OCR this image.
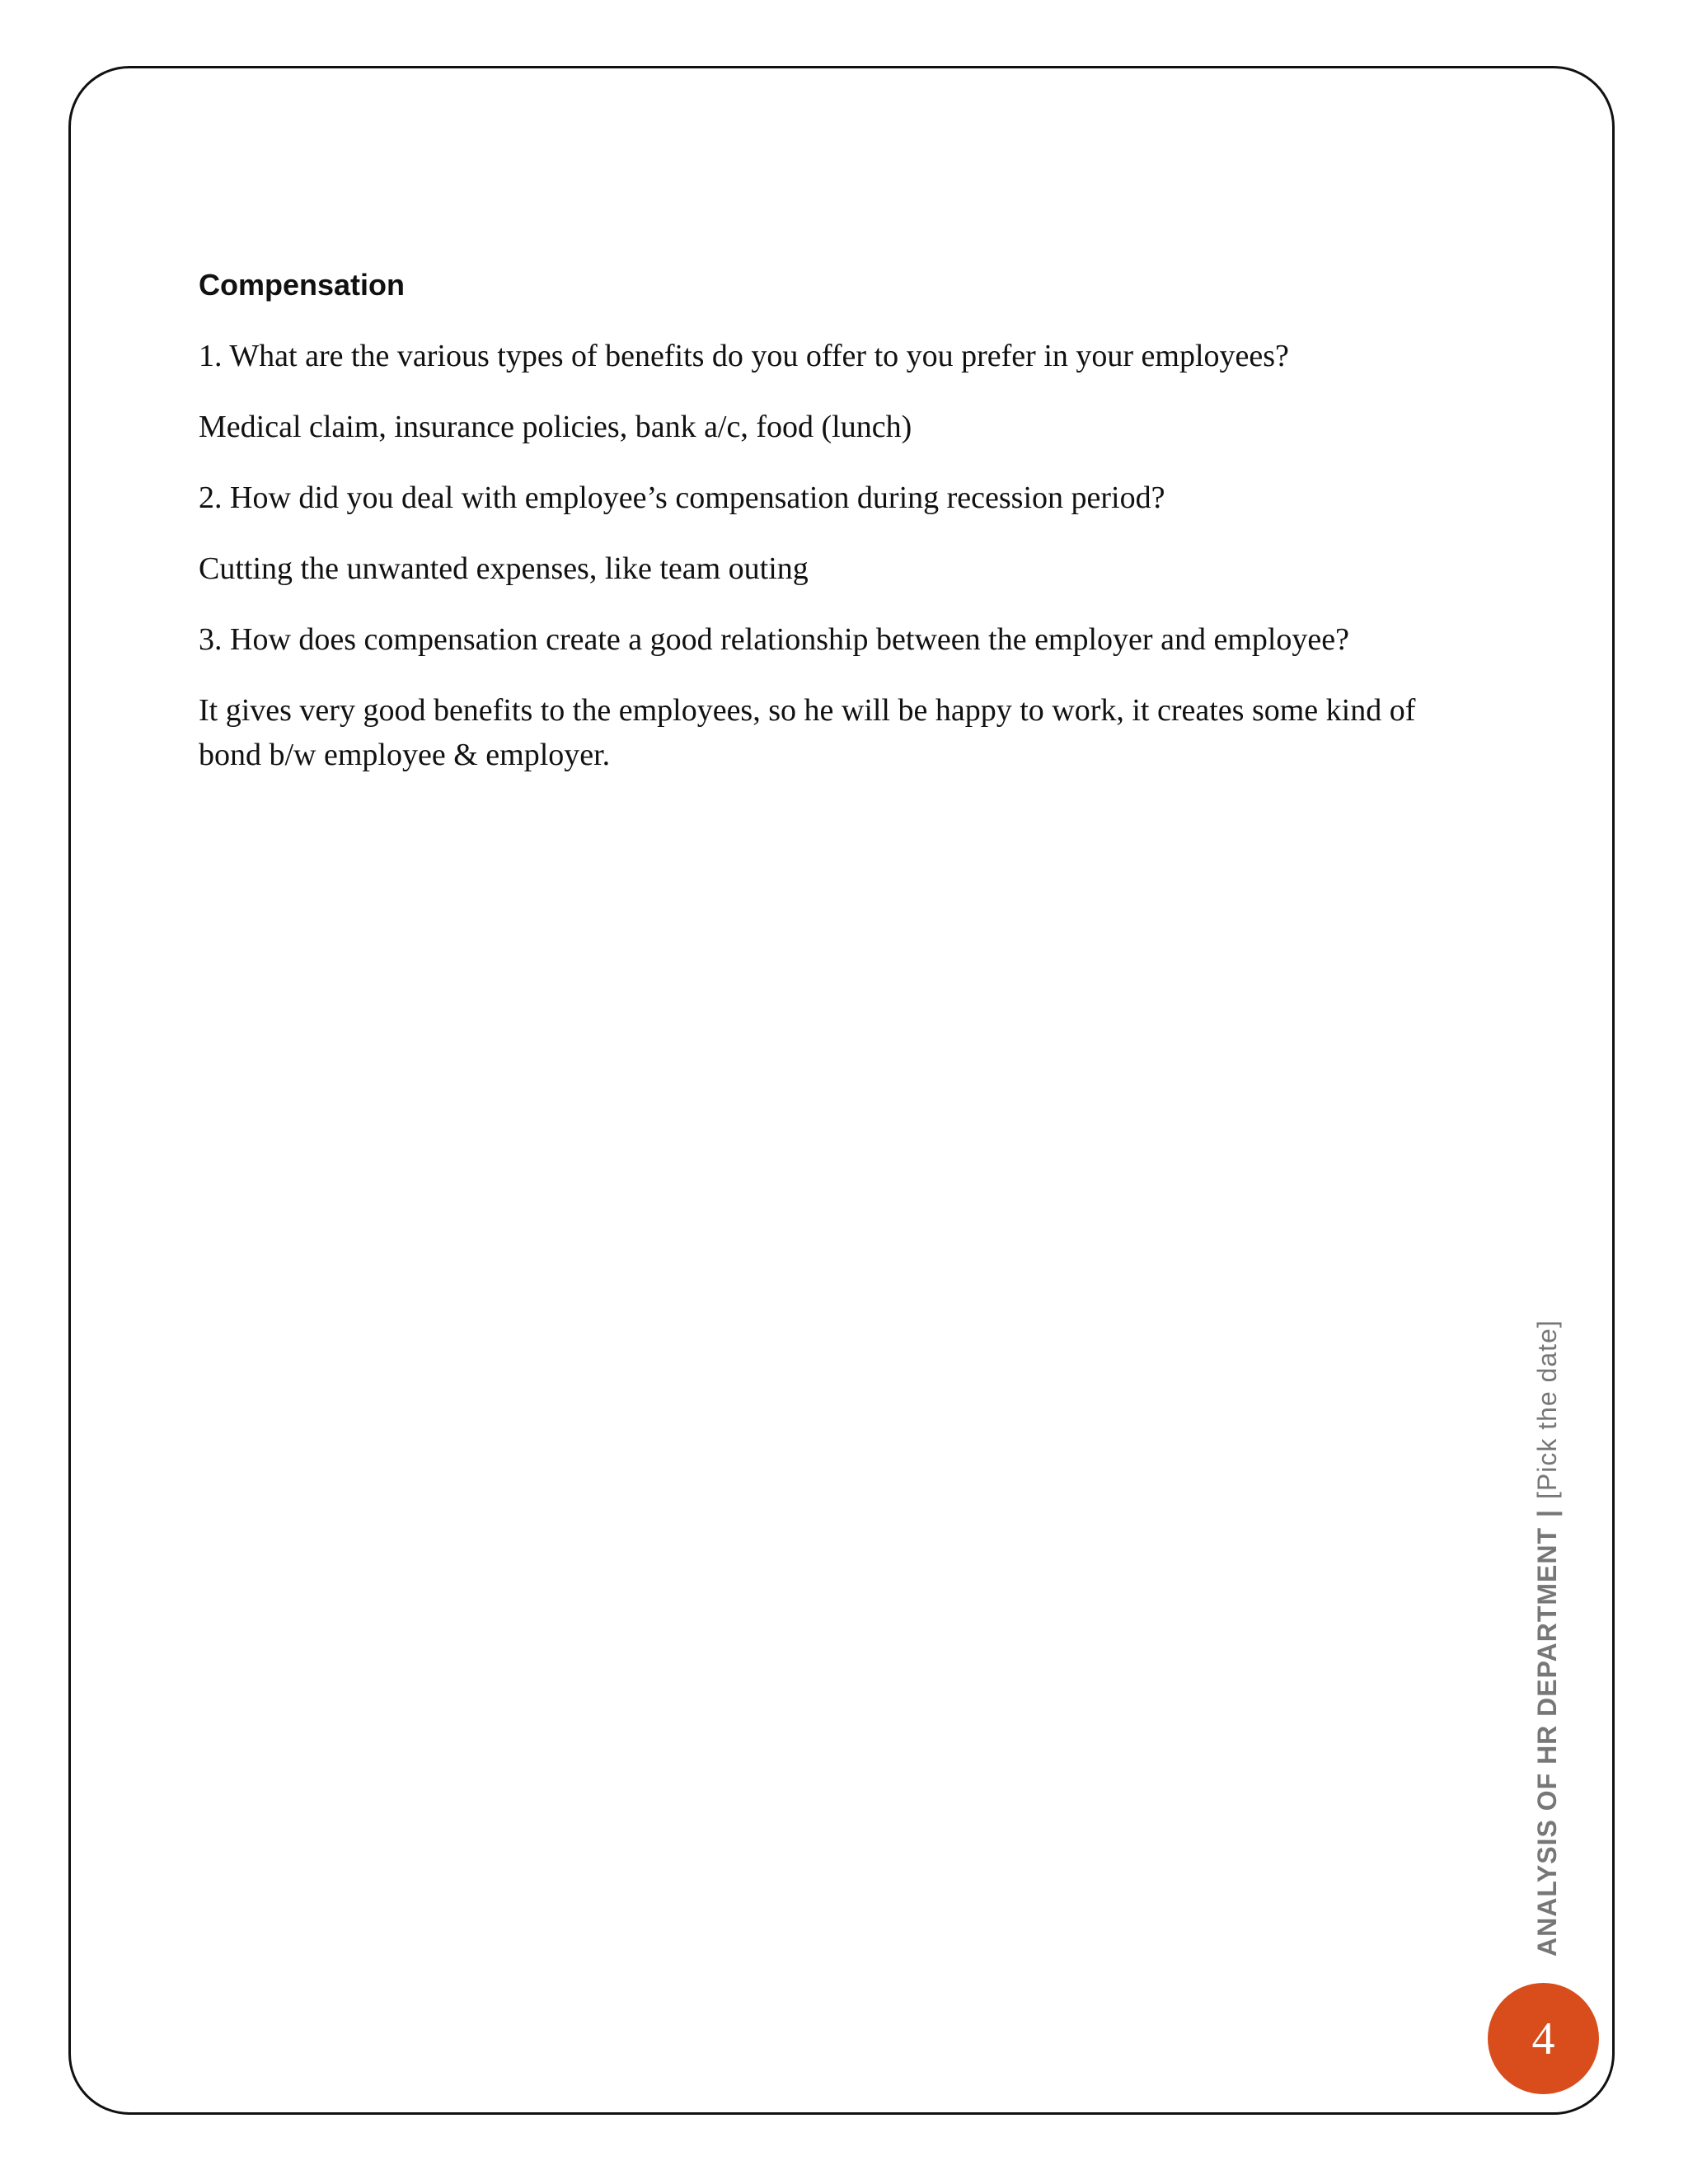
Compensation

1. What are the various types of benefits do you offer to you prefer in your employees?

Medical claim, insurance policies, bank a/c, food (lunch)

2. How did you deal with employee’s compensation during recession period?

Cutting the unwanted expenses, like team outing

3. How does compensation create a good relationship between the employer and employee?

It gives very good benefits to the employees, so he will be happy to work, it creates some kind of bond b/w employee & employer.

ANALYSIS OF HR DEPARTMENT|[Pick the date]
4
